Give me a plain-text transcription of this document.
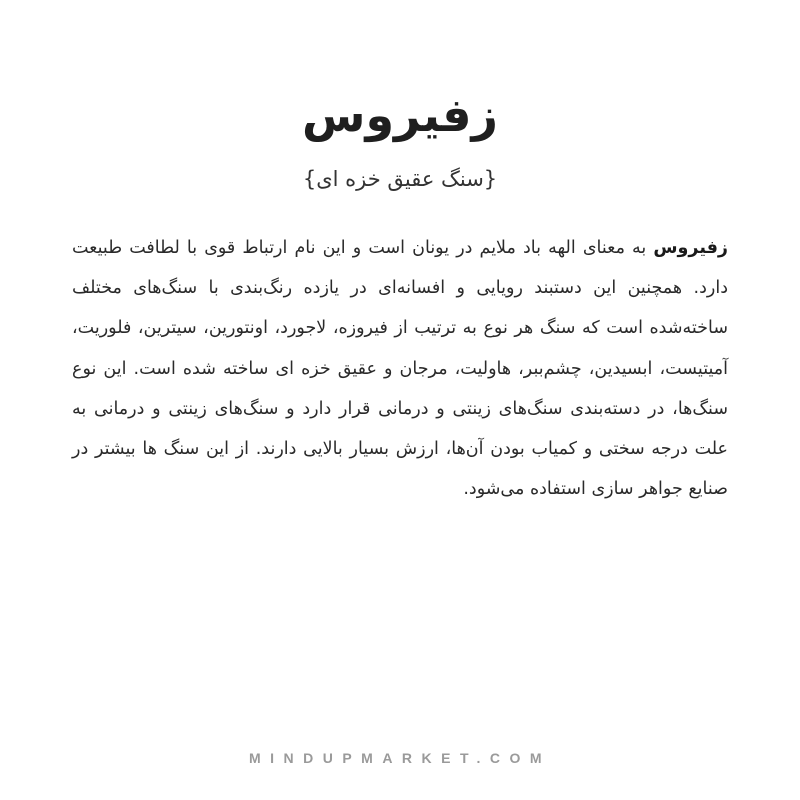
زفیروس

{سنگ عقیق خزه ای}

زفیروس به معنای الهه باد ملایم در یونان است و این نام ارتباط قوی با لطافت طبیعت دارد. همچنین این دستبند رویایی و افسانه‌ای در یازده رنگ‌بندی با سنگ‌های مختلف ساخته‌شده است که سنگ هر نوع به ترتیب از فیروزه، لاجورد، اونتورین، سیترین، فلوریت، آمیتیست، ابسیدین، چشم‌ببر، هاولیت، مرجان و عقیق خزه ای ساخته شده است. این نوع سنگ‌ها، در دسته‌بندی سنگ‌های زینتی و درمانی قرار دارد و سنگ‌های زینتی و درمانی به علت درجه سختی و کمیاب بودن آن‌ها، ارزش بسیار بالایی دارند. از این سنگ ها بیشتر در صنایع جواهر سازی استفاده می‌شود.

MINDUPMARKET.COM
